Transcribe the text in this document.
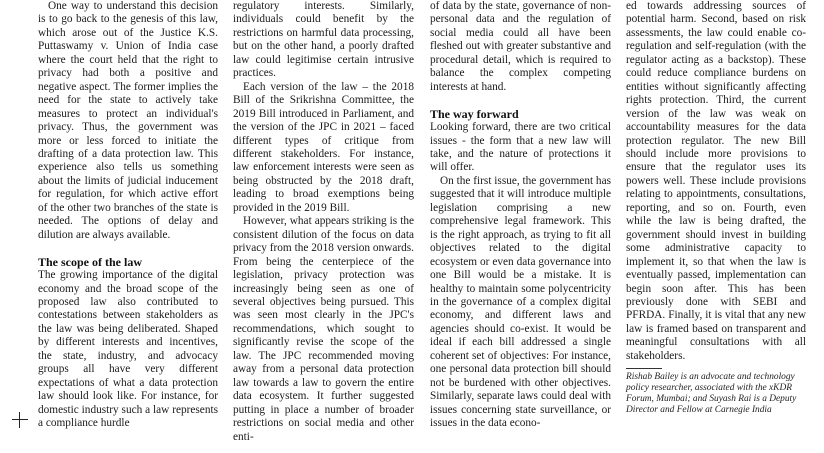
One way to understand this decision is to go back to the genesis of this law, which arose out of the Justice K.S. Puttaswamy v. Union of India case where the court held that the right to privacy had both a positive and negative aspect. The former implies the need for the state to actively take measures to protect an individual's privacy. Thus, the government was more or less forced to initiate the drafting of a data protection law. This experience also tells us something about the limits of judicial inducement for regulation, for which active effort of the other two branches of the state is needed. The options of delay and dilution are always available.

The scope of the law

The growing importance of the digital economy and the broad scope of the proposed law also contributed to contestations between stakeholders as the law was being deliberated. Shaped by different interests and incentives, the state, industry, and advocacy groups all have very different expectations of what a data protection law should look like. For instance, for domestic industry such a law represents a compliance hurdle

regulatory interests. Similarly, individuals could benefit by the restrictions on harmful data processing, but on the other hand, a poorly drafted law could legitimise certain intrusive practices.

Each version of the law – the 2018 Bill of the Srikrishna Committee, the 2019 Bill introduced in Parliament, and the version of the JPC in 2021 – faced different types of critique from different stakeholders. For instance, law enforcement interests were seen as being obstructed by the 2018 draft, leading to broad exemptions being provided in the 2019 Bill.

However, what appears striking is the consistent dilution of the focus on data privacy from the 2018 version onwards. From being the centerpiece of the legislation, privacy protection was increasingly being seen as one of several objectives being pursued. This was seen most clearly in the JPC's recommendations, which sought to significantly revise the scope of the law. The JPC recommended moving away from a personal data protection law towards a law to govern the entire data ecosystem. It further suggested putting in place a number of broader restrictions on social media and other enti-

of data by the state, governance of non-personal data and the regulation of social media could all have been fleshed out with greater substantive and procedural detail, which is required to balance the complex competing interests at hand.

The way forward

Looking forward, there are two critical issues - the form that a new law will take, and the nature of protections it will offer.

On the first issue, the government has suggested that it will introduce multiple legislation comprising a new comprehensive legal framework. This is the right approach, as trying to fit all objectives related to the digital ecosystem or even data governance into one Bill would be a mistake. It is healthy to maintain some polycentricity in the governance of a complex digital economy, and different laws and agencies should co-exist. It would be ideal if each bill addressed a single coherent set of objectives: For instance, one personal data protection bill should not be burdened with other objectives. Similarly, separate laws could deal with issues concerning state surveillance, or issues in the data econo-

ed towards addressing sources of potential harm. Second, based on risk assessments, the law could enable co-regulation and self-regulation (with the regulator acting as a backstop). These could reduce compliance burdens on entities without significantly affecting rights protection. Third, the current version of the law was weak on accountability measures for the data protection regulator. The new Bill should include more provisions to ensure that the regulator uses its powers well. These include provisions relating to appointments, consultations, reporting, and so on. Fourth, even while the law is being drafted, the government should invest in building some administrative capacity to implement it, so that when the law is eventually passed, implementation can begin soon after. This has been previously done with SEBI and PFRDA. Finally, it is vital that any new law is framed based on transparent and meaningful consultations with all stakeholders.

Rishab Bailey is an advocate and technology policy researcher, associated with the xKDR Forum, Mumbai; and Suyash Rai is a Deputy Director and Fellow at Carnegie India
